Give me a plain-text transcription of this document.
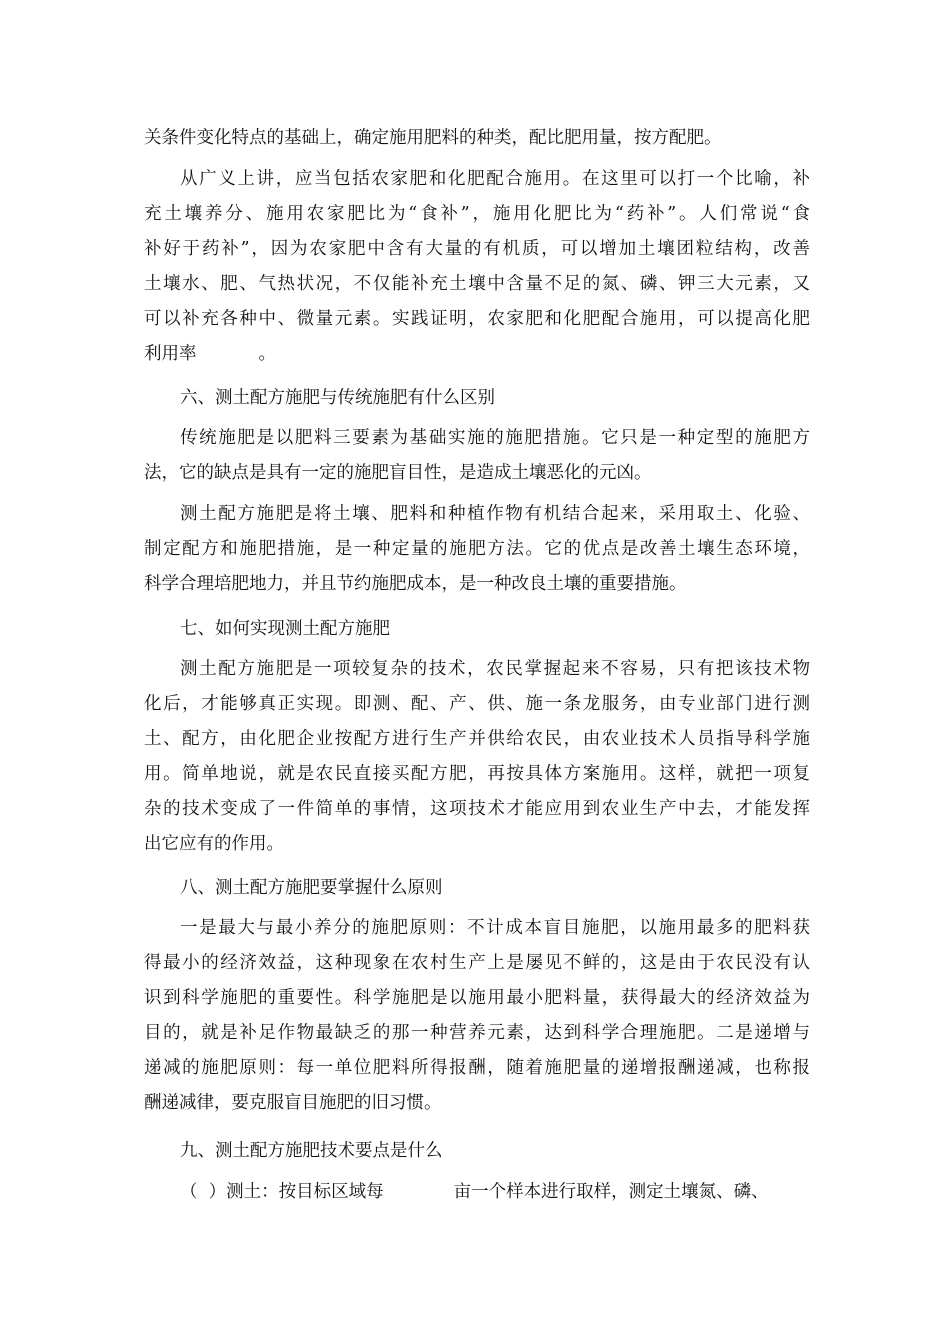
关条件变化特点的基础上，确定施用肥料的种类，配比肥用量，按方配肥。
从广义上讲，应当包括农家肥和化肥配合施用。在这里可以打一个比喻，补
充土壤养分、施用农家肥比为“食补”，施用化肥比为“药补”。人们常说“食
补好于药补”，因为农家肥中含有大量的有机质，可以增加土壤团粒结构，改善
土壤水、肥、气热状况，不仅能补充土壤中含量不足的氮、磷、钾三大元素，又
可以补充各种中、微量元素。实践证明，农家肥和化肥配合施用，可以提高化肥
利用率	。
六、测土配方施肥与传统施肥有什么区别
传统施肥是以肥料三要素为基础实施的施肥措施。它只是一种定型的施肥方
法，它的缺点是具有一定的施肥盲目性，是造成土壤恶化的元凶。
测土配方施肥是将土壤、肥料和种植作物有机结合起来，采用取土、化验、
制定配方和施肥措施，是一种定量的施肥方法。它的优点是改善土壤生态环境，
科学合理培肥地力，并且节约施肥成本，是一种改良土壤的重要措施。
七、如何实现测土配方施肥
测土配方施肥是一项较复杂的技术，农民掌握起来不容易，只有把该技术物
化后，才能够真正实现。即测、配、产、供、施一条龙服务，由专业部门进行测
土、配方，由化肥企业按配方进行生产并供给农民，由农业技术人员指导科学施
用。简单地说，就是农民直接买配方肥，再按具体方案施用。这样，就把一项复
杂的技术变成了一件简单的事情，这项技术才能应用到农业生产中去，才能发挥
出它应有的作用。
八、测土配方施肥要掌握什么原则
一是最大与最小养分的施肥原则：不计成本盲目施肥，以施用最多的肥料获
得最小的经济效益，这种现象在农村生产上是屡见不鲜的，这是由于农民没有认
识到科学施肥的重要性。科学施肥是以施用最小肥料量，获得最大的经济效益为
目的，就是补足作物最缺乏的那一种营养元素，达到科学合理施肥。二是递增与
递减的施肥原则：每一单位肥料所得报酬，随着施肥量的递增报酬递减，也称报
酬递减律，要克服盲目施肥的旧习惯。
九、测土配方施肥技术要点是什么
（  ）测土：按目标区域每	亩一个样本进行取样，测定土壤氮、磷、
